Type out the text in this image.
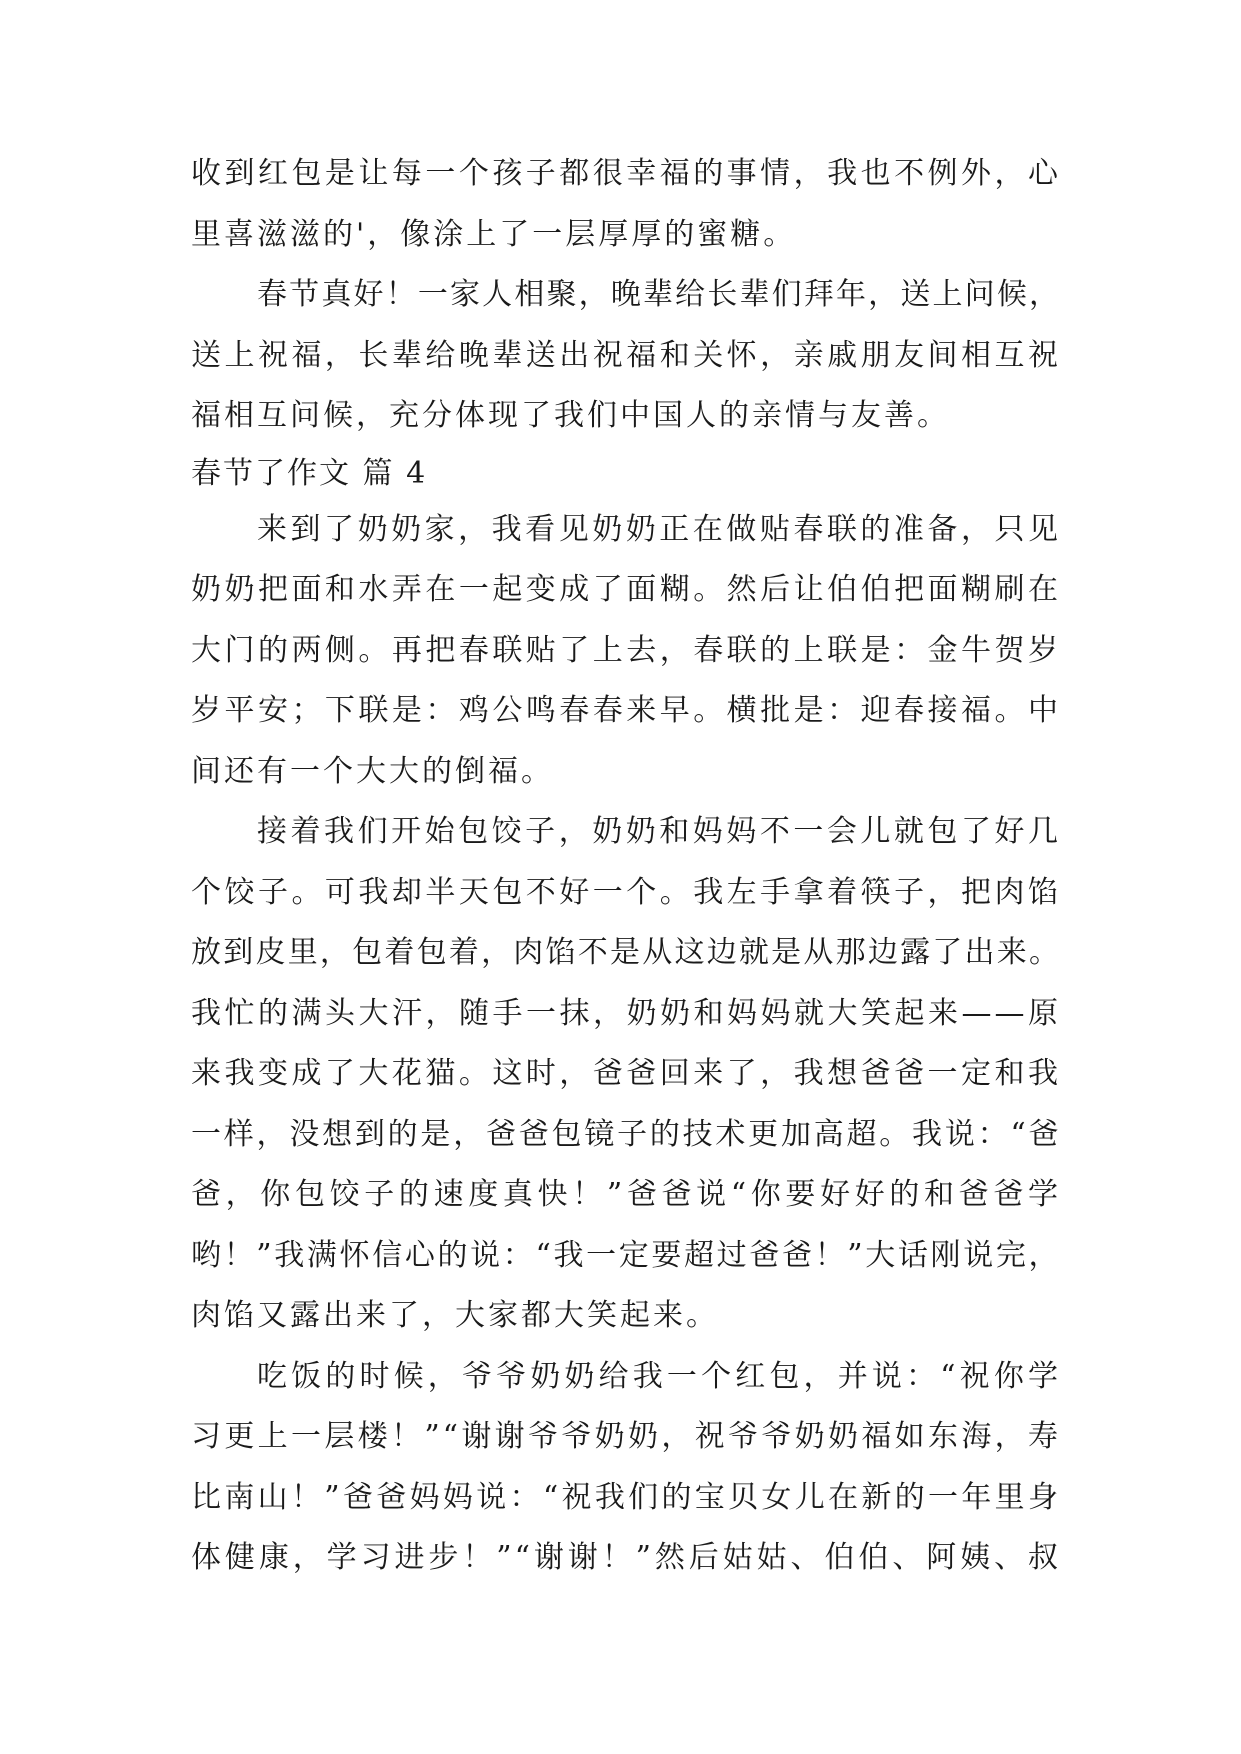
收到红包是让每一个孩子都很幸福的事情，我也不例外，心
里喜滋滋的'，像涂上了一层厚厚的蜜糖。
春节真好！一家人相聚，晚辈给长辈们拜年，送上问候，
送上祝福，长辈给晚辈送出祝福和关怀，亲戚朋友间相互祝
福相互问候，充分体现了我们中国人的亲情与友善。
春节了作文 篇 4
来到了奶奶家，我看见奶奶正在做贴春联的准备，只见
奶奶把面和水弄在一起变成了面糊。然后让伯伯把面糊刷在
大门的两侧。再把春联贴了上去，春联的上联是：金牛贺岁
岁平安；下联是：鸡公鸣春春来早。横批是：迎春接福。中
间还有一个大大的倒福。
接着我们开始包饺子，奶奶和妈妈不一会儿就包了好几
个饺子。可我却半天包不好一个。我左手拿着筷子，把肉馅
放到皮里，包着包着，肉馅不是从这边就是从那边露了出来。
我忙的满头大汗，随手一抹，奶奶和妈妈就大笑起来——原
来我变成了大花猫。这时，爸爸回来了，我想爸爸一定和我
一样，没想到的是，爸爸包镜子的技术更加高超。我说：“爸
爸，你包饺子的速度真快！”爸爸说“你要好好的和爸爸学
哟！”我满怀信心的说：“我一定要超过爸爸！”大话刚说完，
肉馅又露出来了，大家都大笑起来。
吃饭的时候，爷爷奶奶给我一个红包，并说：“祝你学
习更上一层楼！”“谢谢爷爷奶奶，祝爷爷奶奶福如东海，寿
比南山！”爸爸妈妈说：“祝我们的宝贝女儿在新的一年里身
体健康，学习进步！”“谢谢！”然后姑姑、伯伯、阿姨、叔
